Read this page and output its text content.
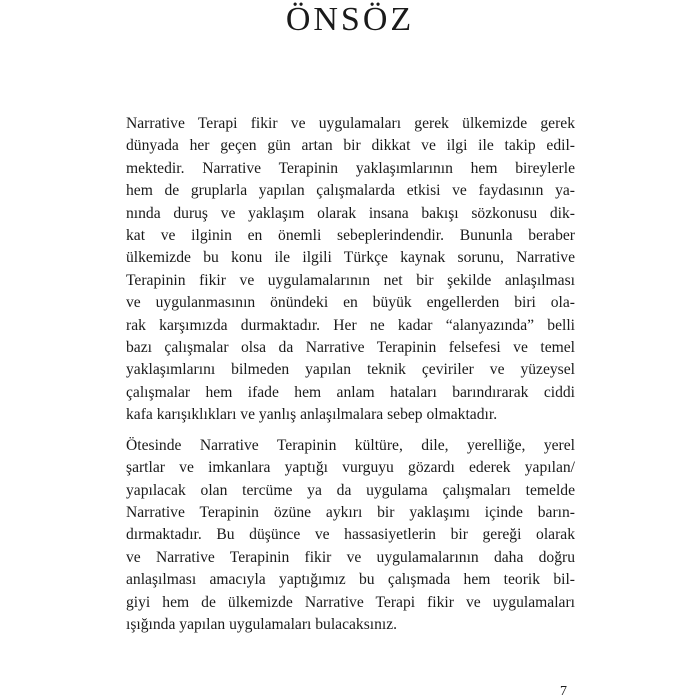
ÖNSÖZ

Narrative Terapi fikir ve uygulamaları gerek ülkemizde gerek
dünyada her geçen gün artan bir dikkat ve ilgi ile takip edil-
mektedir. Narrative Terapinin yaklaşımlarının hem bireylerle
hem de gruplarla yapılan çalışmalarda etkisi ve faydasının ya-
nında duruş ve yaklaşım olarak insana bakışı sözkonusu dik-
kat ve ilginin en önemli sebeplerindendir. Bununla beraber
ülkemizde bu konu ile ilgili Türkçe kaynak sorunu, Narrative
Terapinin fikir ve uygulamalarının net bir şekilde anlaşılması
ve uygulanmasının önündeki en büyük engellerden biri ola-
rak karşımızda durmaktadır. Her ne kadar “alanyazında” belli
bazı çalışmalar olsa da Narrative Terapinin felsefesi ve temel
yaklaşımlarını bilmeden yapılan teknik çeviriler ve yüzeysel
çalışmalar hem ifade hem anlam hataları barındırarak ciddi
kafa karışıklıkları ve yanlış anlaşılmalara sebep olmaktadır.

Ötesinde Narrative Terapinin kültüre, dile, yerelliğe, yerel
şartlar ve imkanlara yaptığı vurguyu gözardı ederek yapılan/
yapılacak olan tercüme ya da uygulama çalışmaları temelde
Narrative Terapinin özüne aykırı bir yaklaşımı içinde barın-
dırmaktadır. Bu düşünce ve hassasiyetlerin bir gereği olarak
ve Narrative Terapinin fikir ve uygulamalarının daha doğru
anlaşılması amacıyla yaptığımız bu çalışmada hem teorik bil-
giyi hem de ülkemizde Narrative Terapi fikir ve uygulamaları
ışığında yapılan uygulamaları bulacaksınız.

7
